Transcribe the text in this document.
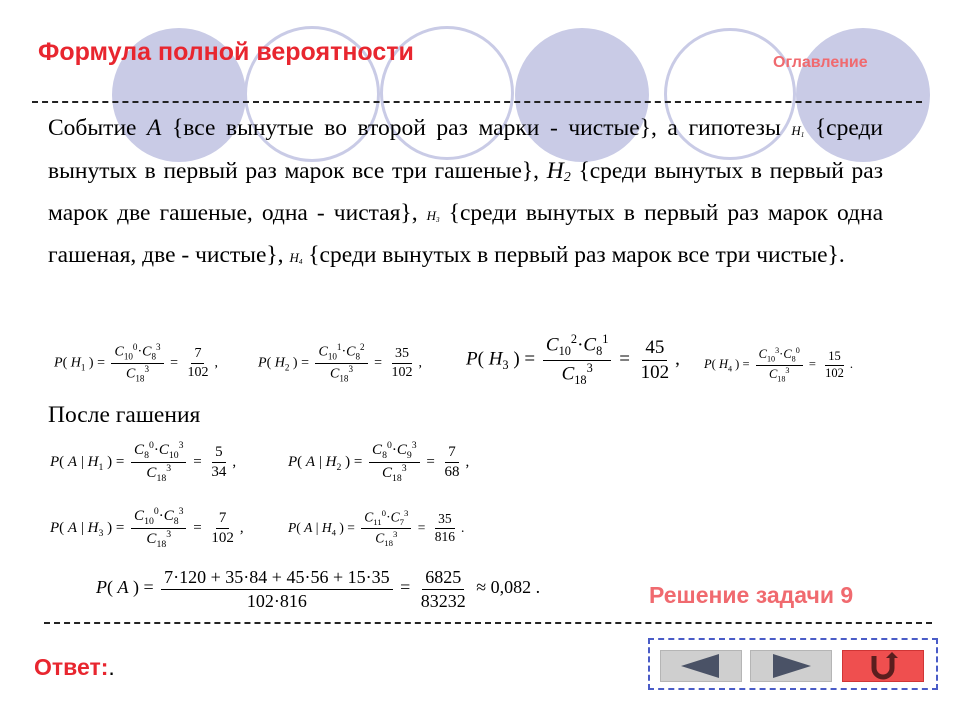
Формула полной вероятности	Оглавление
Событие A {все вынутые во второй раз марки - чистые}, а гипотезы $H_1$ {среди вынутых в первый раз марок все три гашеные}, H2 {среди вынутых в первый раз марок две гашеные, одна - чистая}, $H_3$ {среди вынутых в первый раз марок одна гашеная, две - чистые}, $H_4$ {среди вынутых в первый раз марок все три чистые}.
P( $H_1$ ) = $\frac{C_{10}^0\cdot C_8^3}{C_{18}^3} = \frac{7}{102}$ ,	P( $H_2$ ) = $\frac{C_{10}^1\cdot C_8^2}{C_{18}^3} = \frac{35}{102}$ , P( $H_3$ ) = $\frac{C_{10}^2\cdot C_8^1}{C_{18}^3} = \frac{45}{102}$ , P( $H_4$ ) = $\frac{C_{10}^3\cdot C_8^0}{C_{18}^3} = \frac{15}{102}$ .
После гашения
P( A | $H_1$ ) = $\frac{C_8^0\cdot C_{10}^3}{C_{18}^3} = \frac{5}{34}$ ,	P( A | $H_2$ ) = $\frac{C_8^0\cdot C_9^3}{C_{18}^3} = \frac{7}{68}$ ,
P( A | $H_3$ ) = $\frac{C_{10}^0\cdot C_8^3}{C_{18}^3} = \frac{7}{102}$ ,	P( A | $H_4$ ) = $\frac{C_{11}^0\cdot C_7^3}{C_{18}^3} = \frac{35}{816}$ .
P( A ) = $\frac{7\cdot 120 + 35\cdot 84 + 45\cdot 56 + 15\cdot 35}{102\cdot 816} = \frac{6825}{83232} \approx 0,082$ .	Решение задачи 9
Ответ:.
